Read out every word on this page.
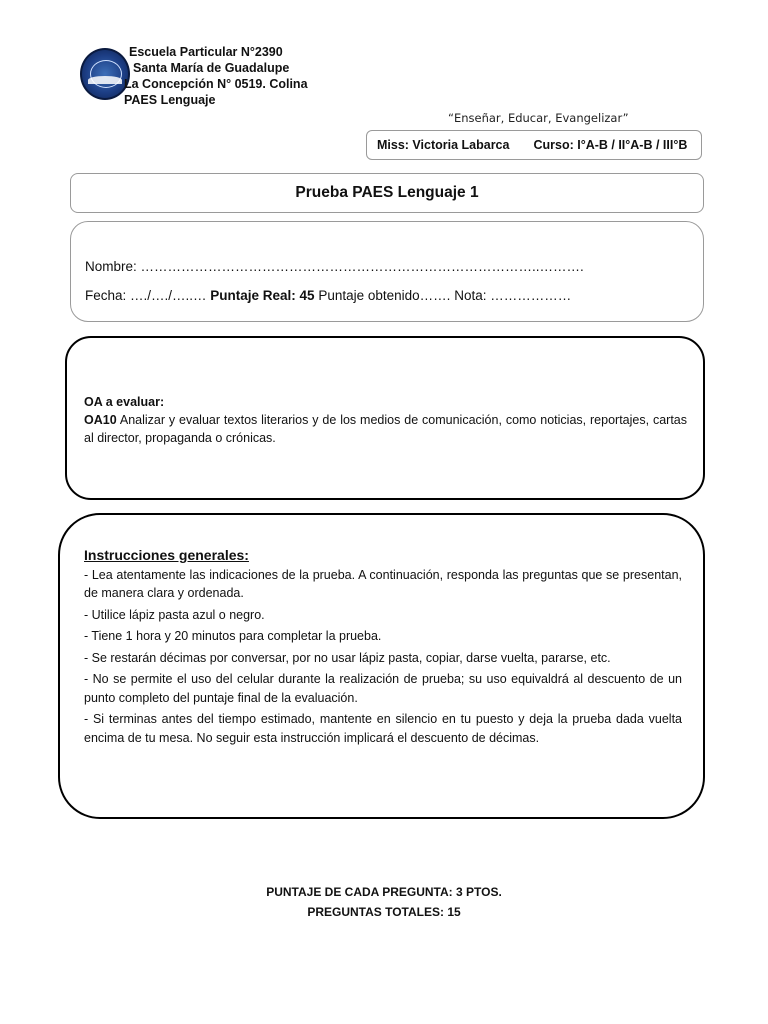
Escuela Particular N°2390
Santa María de Guadalupe
La Concepción N° 0519. Colina
PAES Lenguaje
“Enseñar, Educar, Evangelizar”
Miss: Victoria Labarca Curso: I°A-B / II°A-B / III°B
Prueba PAES Lenguaje 1
Nombre: ……………………………………………………………………………..……….
Fecha: …./…./…..… Puntaje Real: 45 Puntaje obtenido……. Nota: ………………
OA a evaluar:
OA10 Analizar y evaluar textos literarios y de los medios de comunicación, como noticias, reportajes, cartas al director, propaganda o crónicas.
Instrucciones generales:
- Lea atentamente las indicaciones de la prueba. A continuación, responda las preguntas que se presentan, de manera clara y ordenada.
- Utilice lápiz pasta azul o negro.
- Tiene 1 hora y 20 minutos para completar la prueba.
- Se restarán décimas por conversar, por no usar lápiz pasta, copiar, darse vuelta, pararse, etc.
- No se permite el uso del celular durante la realización de prueba; su uso equivaldrá al descuento de un punto completo del puntaje final de la evaluación.
- Si terminas antes del tiempo estimado, mantente en silencio en tu puesto y deja la prueba dada vuelta encima de tu mesa. No seguir esta instrucción implicará el descuento de décimas.
PUNTAJE DE CADA PREGUNTA: 3 PTOS.
PREGUNTAS TOTALES: 15
